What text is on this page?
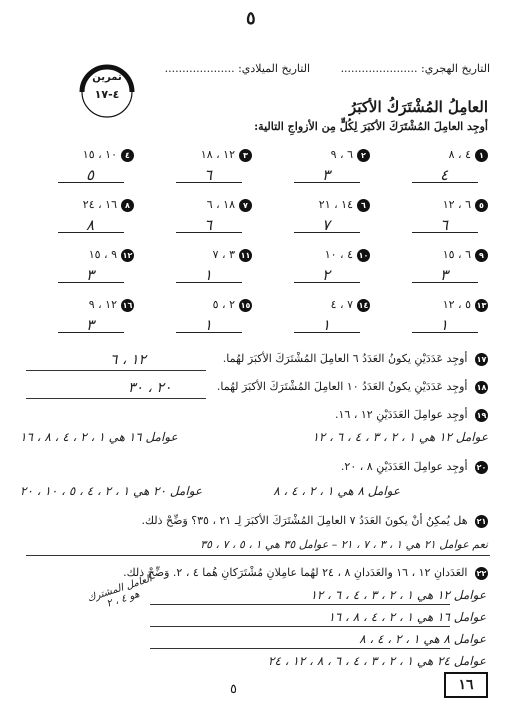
٥
التاريخ الهجري: ......................
التاريخ الميلادي: ....................
تمرين
٤-١٧
العامِلُ المُشْتَرَكُ الأكبَرُ
أوجِد العامِلَ المُشْتَرَكَ الأكبَرَ لِكُلٍّ مِن الأزواجِ التالية:
١٤ ، ٨
٤
٢٦ ، ٩
٣
٣١٢ ، ١٨
٦
٤١٠ ، ١٥
٥
٥٦ ، ١٢
٦
٦١٤ ، ٢١
٧
٧١٨ ، ٦
٦
٨١٦ ، ٢٤
٨
٩٦ ، ١٥
٣
١٠٤ ، ١٠
٢
١١٣ ، ٧
١
١٢٩ ، ١٥
٣
١٣٥ ، ١٢
١
١٤٧ ، ٤
١
١٥٢ ، ٥
١
١٦١٢ ، ٩
٣
١٧ أوجِد عَدَدَيْنِ يكونُ العَدَدُ ٦ العامِلَ المُشْتَرَكَ الأكبَرَ لهُما.
١٢ ، ٦
١٨ أوجِد عَدَدَيْنِ يكونُ العَدَدُ ١٠ العامِلَ المُشْتَرَكَ الأكبَرَ لهُما.
٢٠ ، ٣٠
١٩ أوجِد عوامِلَ العَدَدَيْنِ ١٢ ، ١٦.
عوامل ١٢ هي ١ ، ٢ ، ٣ ، ٤ ، ٦ ، ١٢
عوامل ١٦ هي ١ ، ٢ ، ٤ ، ٨ ، ١٦
٢٠ أوجِد عوامِلَ العَدَدَيْنِ ٨ ، ٢٠.
عوامل ٨ هي ١ ، ٢ ، ٤ ، ٨
عوامل ٢٠ هي ١ ، ٢ ، ٤ ، ٥ ، ١٠ ، ٢٠
٢١ هل يُمكِنُ أنْ يكونَ العَدَدُ ٧ العامِلَ المُشْتَرَكَ الأكبَرَ لِـ ٢١ ، ٣٥؟ وَضِّحْ ذلك.
نعم عوامل ٢١ هي ١ ، ٣ ، ٧ ، ٢١ – عوامل ٣٥ هي ١ ، ٥ ، ٧ ، ٣٥
٢٢ العَدَدانِ ١٢ ، ١٦ والعَدَدانِ ٨ ، ٢٤ لهُما عامِلانِ مُشْتَرَكانِ هُما ٤ ، ٢. وَضِّحْ ذلك.
عوامل ١٢ هي ١ ، ٢ ، ٣ ، ٤ ، ٦ ، ١٢
عوامل ١٦ هي ١ ، ٢ ، ٤ ، ٨ ، ١٦
عوامل ٨ هي ١ ، ٢ ، ٤ ، ٨
عوامل ٢٤ هي ١ ، ٢ ، ٣ ، ٤ ، ٦ ، ٨ ، ١٢ ، ٢٤
العامل المشترك هو ٤ ، ٢
١٦
٥
